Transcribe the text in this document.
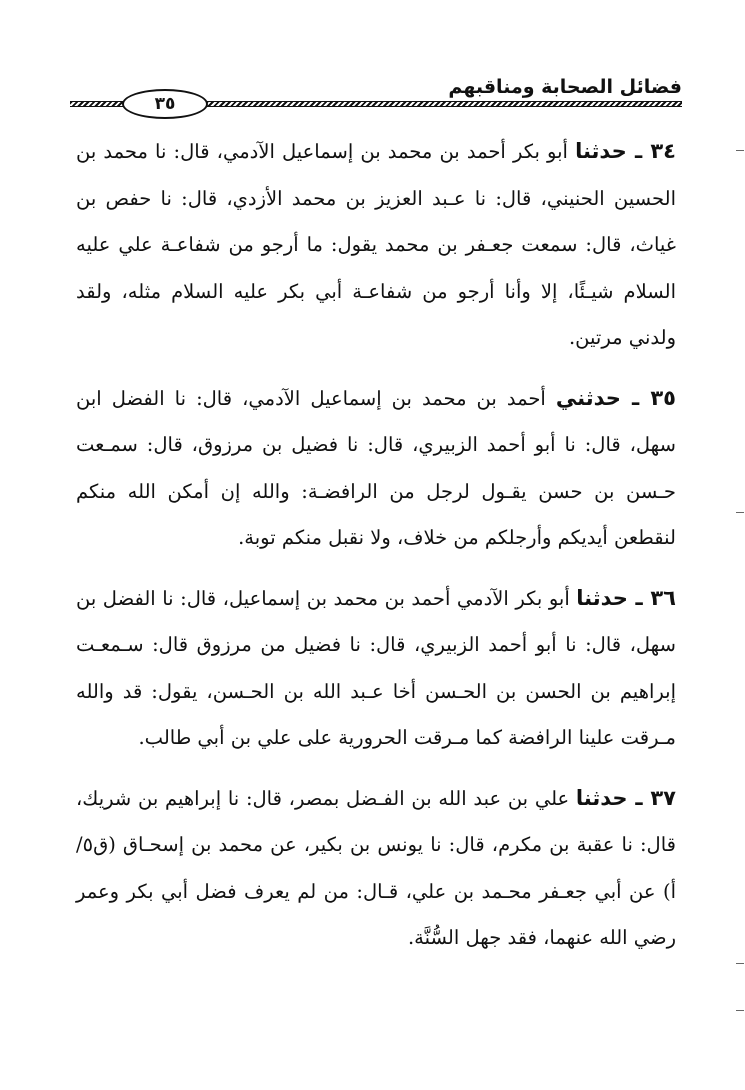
٣٥
فضائل الصحابة ومناقبهم

٣٤ ـ حدثنا أبو بكر أحمد بن محمد بن إسماعيل الآدمي، قال: نا محمد بن الحسين الحنيني، قال: نا عـبد العزيز بن محمد الأزدي، قال: نا حفص بن غياث، قال: سمعت جعـفر بن محمد يقول: ما أرجو من شفاعـة علي عليه السلام شيـئًا، إلا وأنا أرجو من شفاعـة أبي بكر عليه السلام مثله، ولقد ولدني مرتين.

٣٥ ـ حدثني أحمد بن محمد بن إسماعيل الآدمي، قال: نا الفضل ابن سهل، قال: نا أبو أحمد الزبيري، قال: نا فضيل بن مرزوق، قال: سمـعت حـسن بن حسن يقـول لرجل من الرافضـة: والله إن أمكن الله منكم لنقطعن أيديكم وأرجلكم من خلاف، ولا نقبل منكم توبة.

٣٦ ـ حدثنا أبو بكر الآدمي أحمد بن محمد بن إسماعيل، قال: نا الفضل بن سهل، قال: نا أبو أحمد الزبيري، قال: نا فضيل من مرزوق قال: سـمعـت إبراهيم بن الحسن بن الحـسن أخا عـبد الله بن الحـسن، يقول: قد والله مـرقت علينا الرافضة كما مـرقت الحرورية على علي بن أبي طالب.

٣٧ ـ حدثنا علي بن عبد الله بن الفـضل بمصر، قال: نا إبراهيم بن شريك، قال: نا عقبة بن مكرم، قال: نا يونس بن بكير، عن محمد بن إسحـاق (ق٥/أ) عن أبي جعـفر محـمد بن علي، قـال: من لم يعرف فضل أبي بكر وعمر رضي الله عنهما، فقد جهل السُّنَّة.
